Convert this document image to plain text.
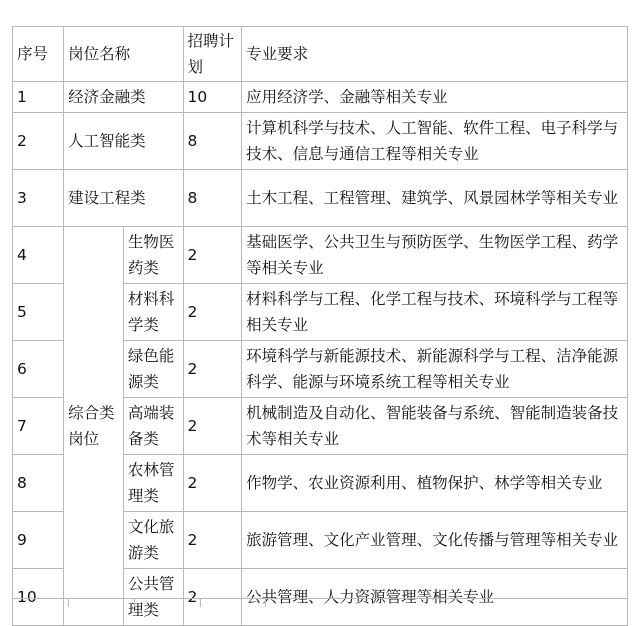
序号	岗位名称		招聘计划	专业要求
1	经济金融类		10	应用经济学、金融等相关专业
2	人工智能类		8	计算机科学与技术、人工智能、软件工程、电子科学与技术、信息与通信工程等相关专业
3	建设工程类		8	土木工程、工程管理、建筑学、风景园林学等相关专业
4	综合类岗位	生物医药类	2	基础医学、公共卫生与预防医学、生物医学工程、药学等相关专业
5		材料科学类	2	材料科学与工程、化学工程与技术、环境科学与工程等相关专业
6		绿色能源类	2	环境科学与新能源技术、新能源科学与工程、洁净能源科学、能源与环境系统工程等相关专业
7		高端装备类	2	机械制造及自动化、智能装备与系统、智能制造装备技术等相关专业
8		农林管理类	2	作物学、农业资源利用、植物保护、林学等相关专业
9		文化旅游类	2	旅游管理、文化产业管理、文化传播与管理等相关专业
10		公共管理类	2	公共管理、人力资源管理等相关专业
